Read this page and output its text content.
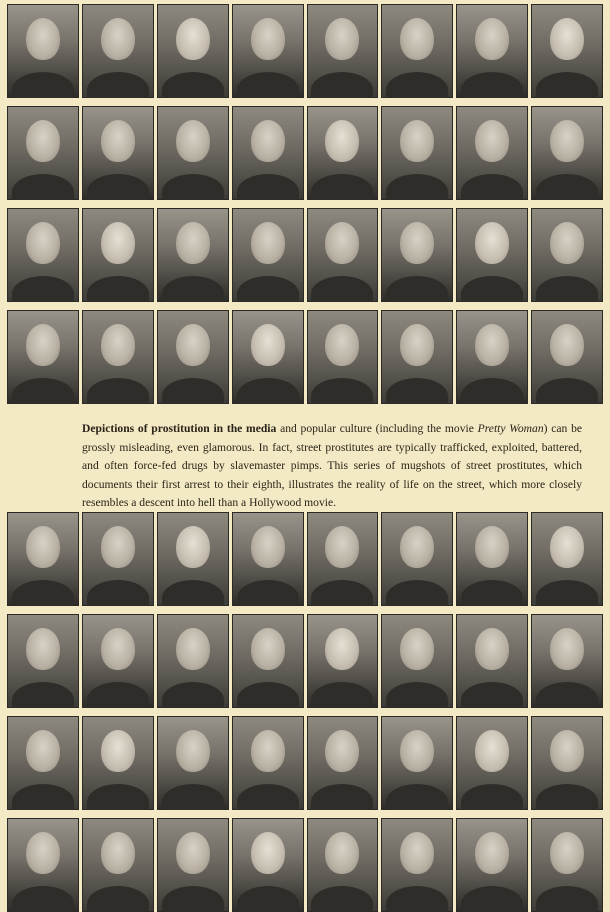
Depictions of prostitution in the media and popular culture (including the movie Pretty Woman) can be grossly misleading, even glamorous. In fact, street prostitutes are typically trafficked, exploited, battered, and often force-fed drugs by slavemaster pimps. This series of mugshots of street prostitutes, which documents their first arrest to their eighth, illustrates the reality of life on the street, which more closely resembles a descent into hell than a Hollywood movie.
